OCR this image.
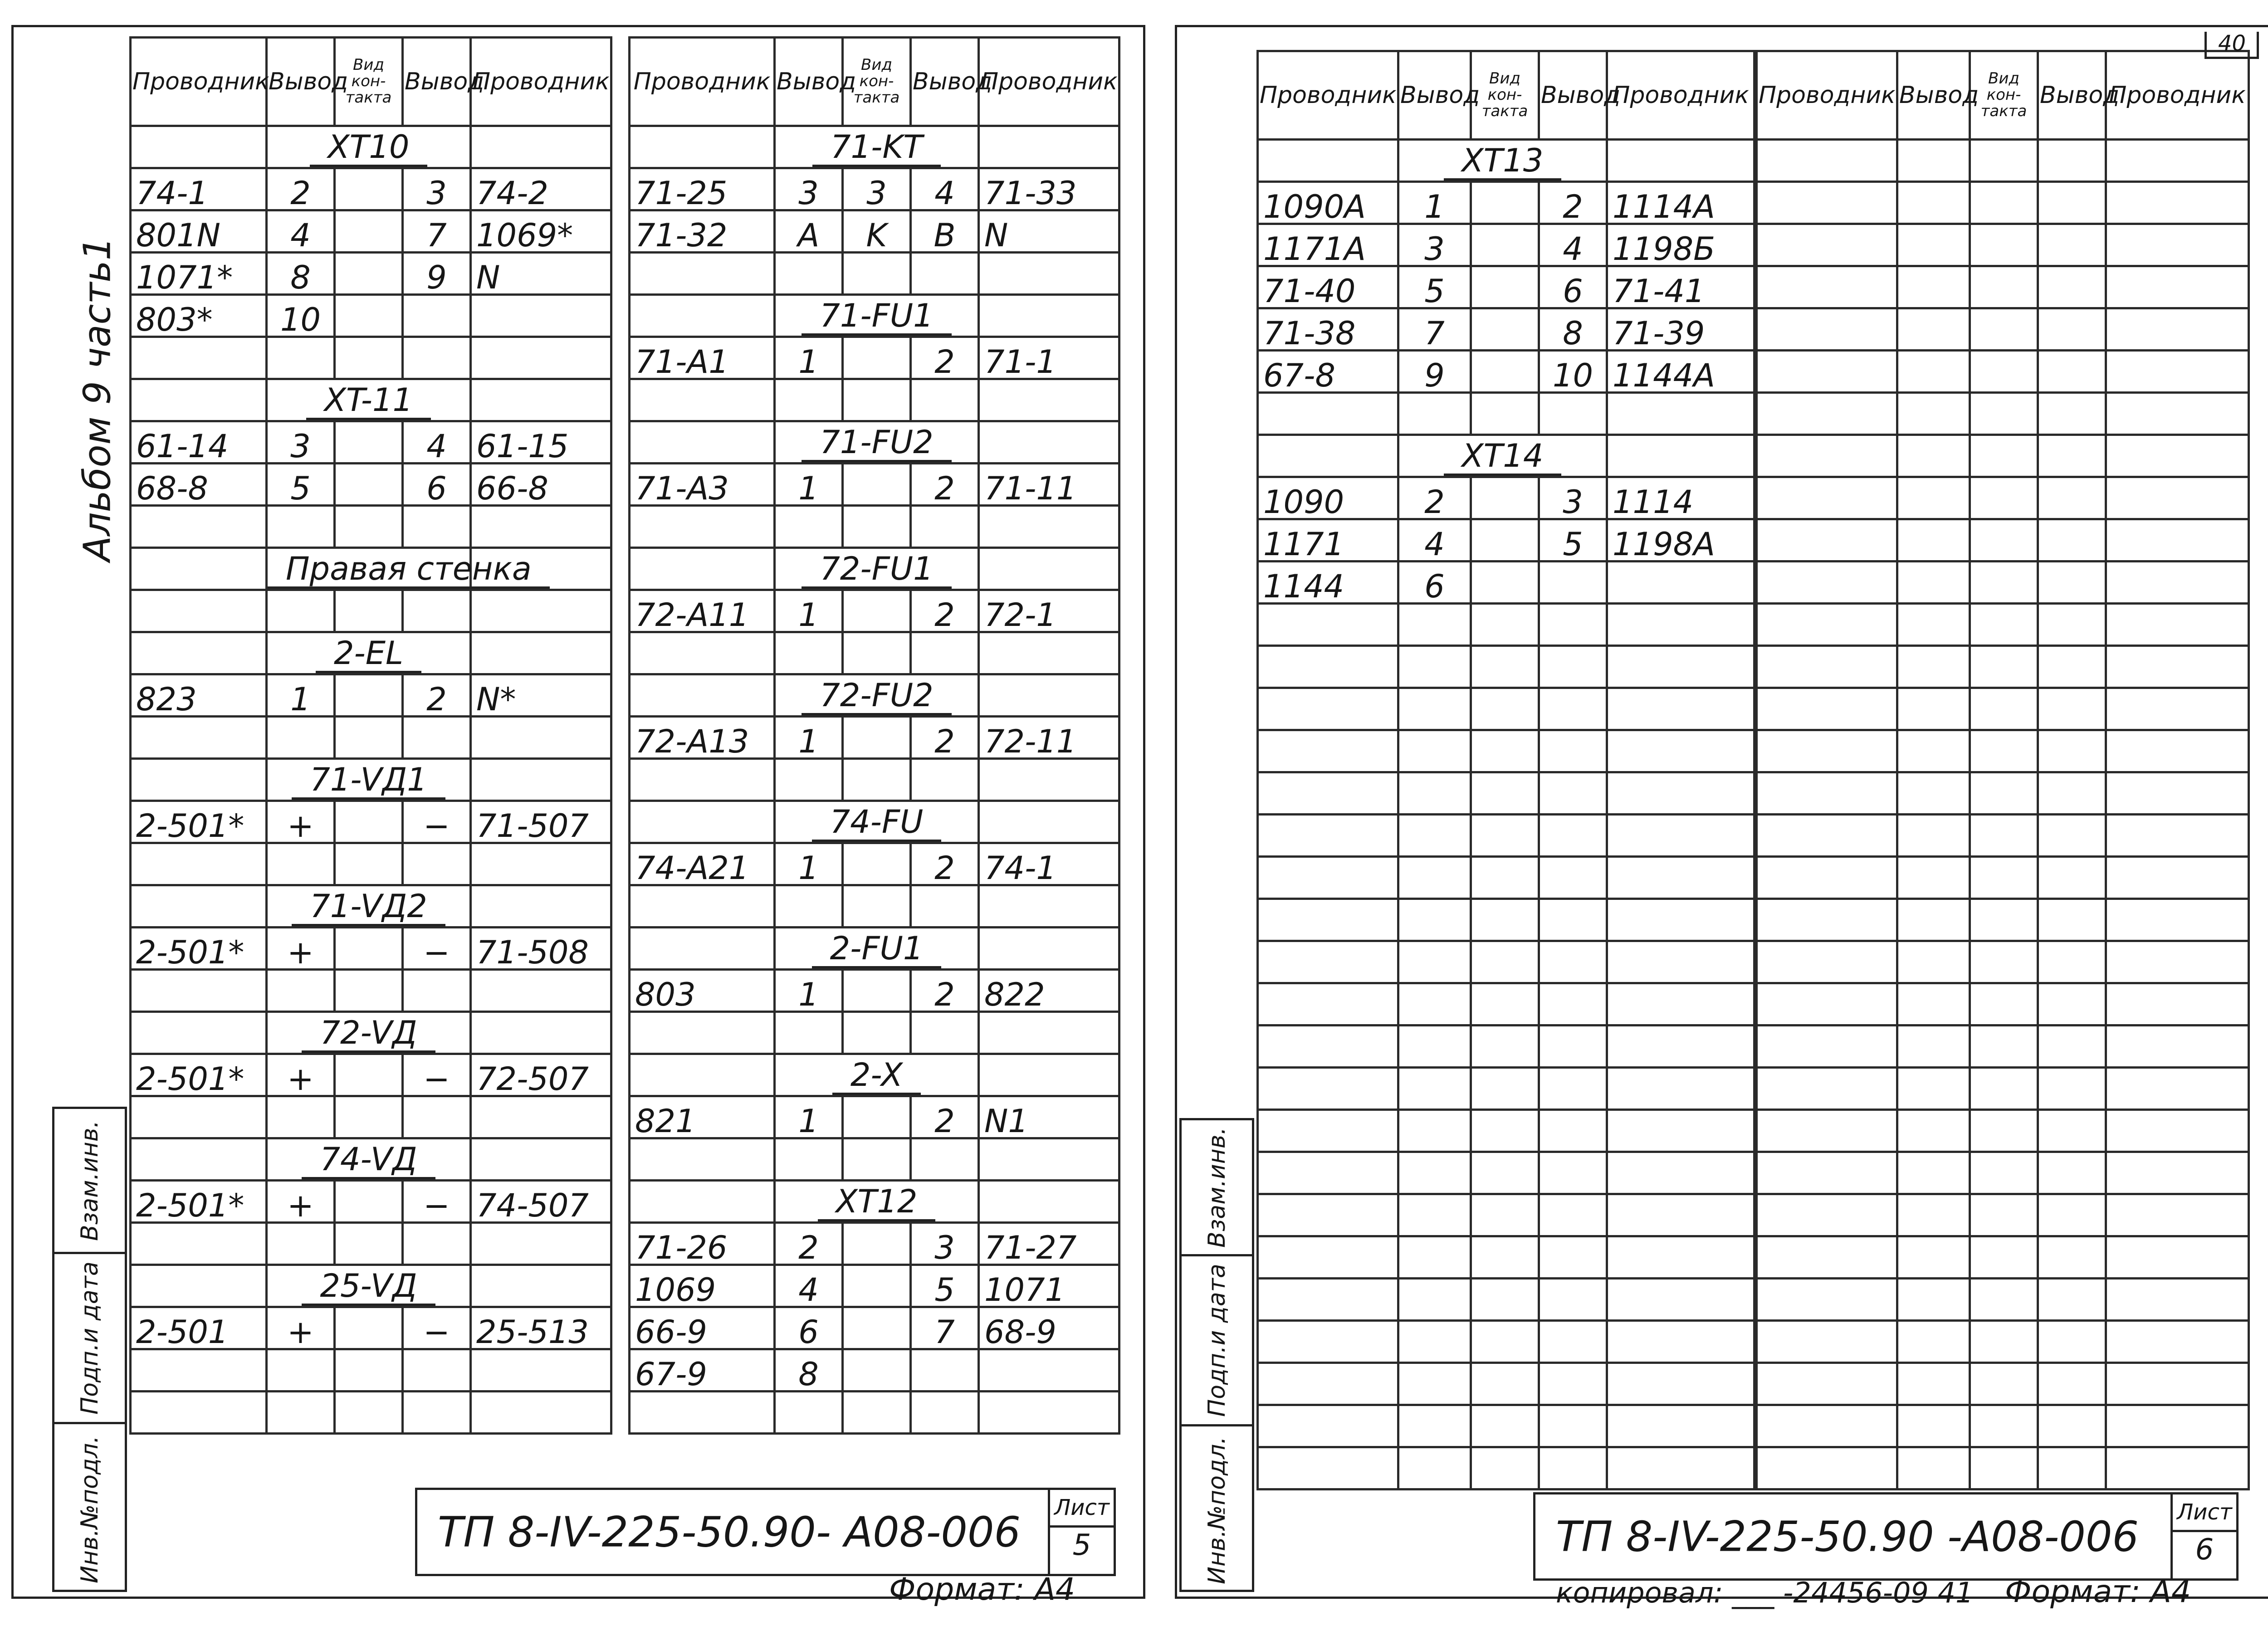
Альбом 9 часть1
Взам.инв.
Подп.и дата
Инв.№подл.
Взам.инв.
Подп.и дата
Инв.№подл.
Проводник	Вывод	Вид кон- такта	Вывод	Проводник
	XT10			
74-1	2		3	74-2
801N	4		7	1069*
1071*	8		9	N
803*	10			

	XT-11			
61-14	3		4	61-15
68-8	5		6	66-8

	Правая стенка			

	2-EL			
823	1		2	N*

	71-VД1			
2-501*	+		−	71-507

	71-VД2			
2-501*	+		−	71-508

	72-VД			
2-501*	+		−	72-507

	74-VД			
2-501*	+		−	74-507

	25-VД			
2-501	+		−	25-513

Проводник	Вывод	Вид кон- такта	Вывод	Проводник
	71-KT			
71-25	3	3	4	71-33
71-32	A	K	B	N

	71-FU1			
71-A1	1		2	71-1

	71-FU2			
71-A3	1		2	71-11

	72-FU1			
72-A11	1		2	72-1

	72-FU2			
72-A13	1		2	72-11

	74-FU			
74-A21	1		2	74-1

	2-FU1			
803	1		2	822

	2-X			
821	1		2	N1

	XT12			
71-26	2		3	71-27
1069	4		5	1071
66-9	6		7	68-9
67-9	8			

Проводник	Вывод	Вид кон- такта	Вывод	Проводник
	XT13			
1090A	1		2	1114A
1171A	3		4	1198Б
71-40	5		6	71-41
71-38	7		8	71-39
67-8	9		10	1144A

	XT14			
1090	2		3	1114
1171	4		5	1198A
1144	6			

Проводник	Вывод	Вид кон- такта	Вывод	Проводник

ТП 8-IV-225-50.90- А08-006 Лист
5
Формат: А4
ТП 8-IV-225-50.90 -А08-006 Лист
6
копировал: ___ -24456-09 41 Формат: А4
40
